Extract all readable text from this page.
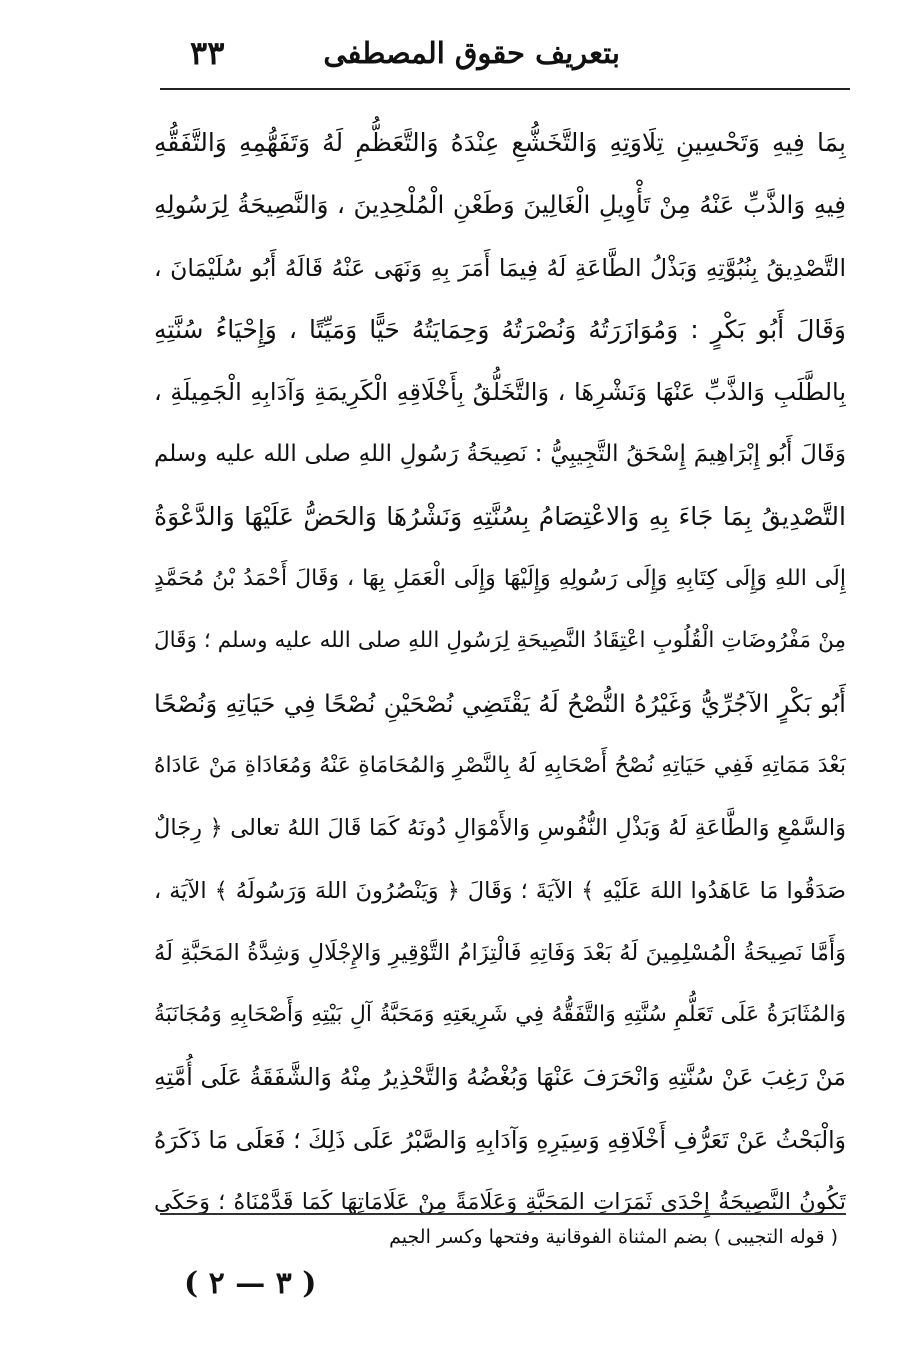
بتعريف حقوق المصطفى
٣٣
بِمَا فِيهِ وَتَحْسِينِ تِلَاوَتِهِ وَالتَّخَشُّعِ عِنْدَهُ وَالتَّعَظُّمِ لَهُ وَتَفَهُّمِهِ وَالتَّفَقُّهِ
فِيهِ وَالذَّبِّ عَنْهُ مِنْ تَأْوِيلِ الْغَالِينَ وَطَعْنِ الْمُلْحِدِينَ ، وَالنَّصِيحَةُ لِرَسُولِهِ
التَّصْدِيقُ بِنُبُوَّتِهِ وَبَذْلُ الطَّاعَةِ لَهُ فِيمَا أَمَرَ بِهِ وَنَهَى عَنْهُ قَالَهُ أَبُو سُلَيْمَانَ ،
وَقَالَ أَبُو بَكْرٍ : وَمُوَازَرَتُهُ وَنُصْرَتُهُ وَحِمَايَتُهُ حَيًّا وَمَيِّتًا ، وَإِحْيَاءُ سُنَّتِهِ
بِالطَّلَبِ وَالذَّبِّ عَنْهَا وَنَشْرِهَا ، وَالتَّخَلُّقُ بِأَخْلَاقِهِ الْكَرِيمَةِ وَآدَابِهِ الْجَمِيلَةِ ،
وَقَالَ أَبُو إِبْرَاهِيمَ إِسْحَقُ التَّجِيبِيُّ : نَصِيحَةُ رَسُولِ اللهِ صلى الله عليه وسلم
التَّصْدِيقُ بِمَا جَاءَ بِهِ وَالاعْتِصَامُ بِسُنَّتِهِ وَنَشْرُهَا وَالحَضُّ عَلَيْهَا وَالدَّعْوَةُ
إِلَى اللهِ وَإِلَى كِتَابِهِ وَإِلَى رَسُولِهِ وَإِلَيْهَا وَإِلَى الْعَمَلِ بِهَا ، وَقَالَ أَحْمَدُ بْنُ مُحَمَّدٍ
مِنْ مَفْرُوضَاتِ الْقُلُوبِ اعْتِقَادُ النَّصِيحَةِ لِرَسُولِ اللهِ صلى الله عليه وسلم ؛ وَقَالَ
أَبُو بَكْرٍ الآجُرِّيُّ وَغَيْرُهُ النُّصْحُ لَهُ يَقْتَضِي نُصْحَيْنِ نُصْحًا فِي حَيَاتِهِ وَنُصْحًا
بَعْدَ مَمَاتِهِ فَفِي حَيَاتِهِ نُصْحُ أَصْحَابِهِ لَهُ بِالنَّصْرِ وَالمُحَامَاةِ عَنْهُ وَمُعَادَاةِ مَنْ عَادَاهُ
وَالسَّمْعِ وَالطَّاعَةِ لَهُ وَبَذْلِ النُّفُوسِ وَالأَمْوَالِ دُونَهُ كَمَا قَالَ اللهُ تعالى ﴿ رِجَالٌ
صَدَقُوا مَا عَاهَدُوا اللهَ عَلَيْهِ ﴾ الآيَةَ ؛ وَقَالَ ﴿ وَيَنْصُرُونَ اللهَ وَرَسُولَهُ ﴾ الآيَة ،
وَأَمَّا نَصِيحَةُ الْمُسْلِمِينَ لَهُ بَعْدَ وَفَاتِهِ فَالْتِزَامُ التَّوْقِيرِ وَالإِجْلَالِ وَشِدَّةُ المَحَبَّةِ لَهُ
وَالمُثَابَرَةُ عَلَى تَعَلُّمِ سُنَّتِهِ وَالتَّفَقُّهُ فِي شَرِيعَتِهِ وَمَحَبَّةُ آلِ بَيْتِهِ وَأَصْحَابِهِ وَمُجَانَبَةُ
مَنْ رَغِبَ عَنْ سُنَّتِهِ وَانْحَرَفَ عَنْهَا وَبُغْضُهُ وَالتَّحْذِيرُ مِنْهُ وَالشَّفَقَةُ عَلَى أُمَّتِهِ
وَالْبَحْثُ عَنْ تَعَرُّفِ أَخْلَاقِهِ وَسِيَرِهِ وَآدَابِهِ وَالصَّبْرُ عَلَى ذَلِكَ ؛ فَعَلَى مَا ذَكَرَهُ
تَكُونُ النَّصِيحَةُ إِحْدَى ثَمَرَاتِ المَحَبَّةِ وَعَلَامَةً مِنْ عَلَامَاتِهَا كَمَا قَدَّمْنَاهُ ؛ وَحَكَى
( قوله التجيبى ) بضم المثناة الفوقانية وفتحها وكسر الجيم
( ٣ — ٢ )
